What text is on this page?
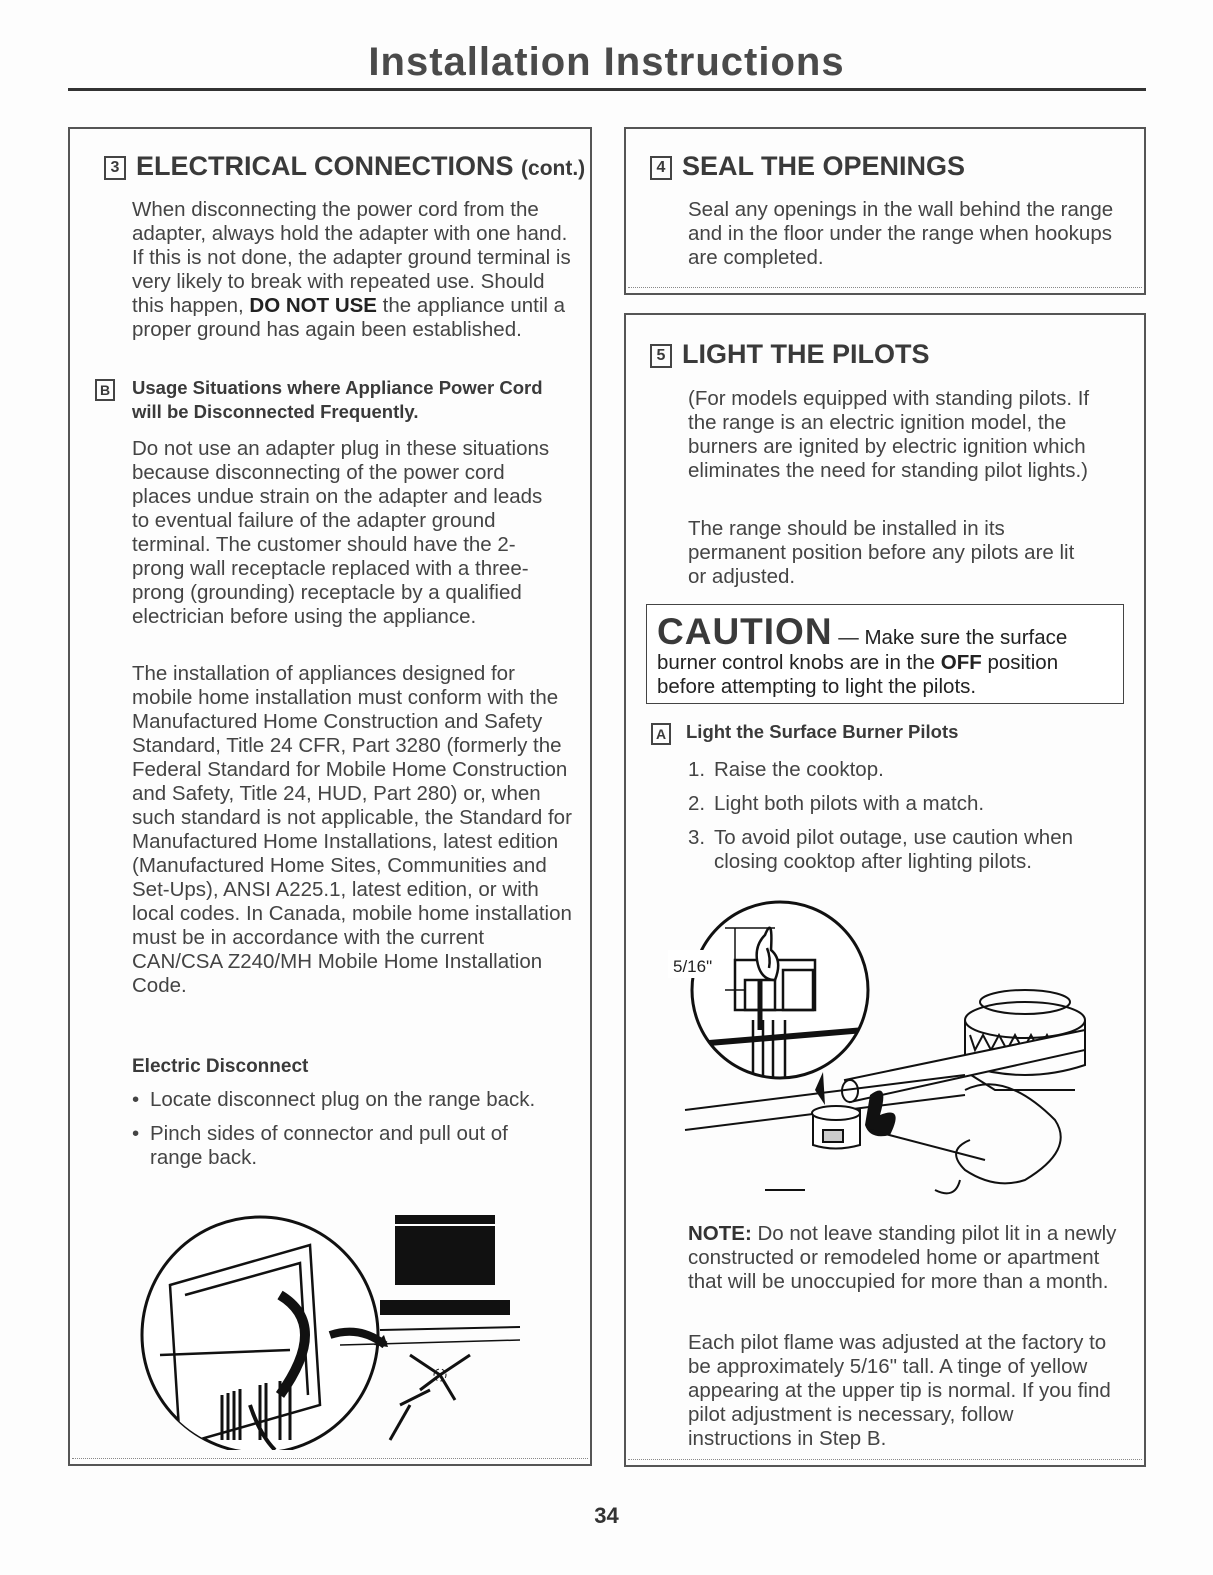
Installation Instructions
3 ELECTRICAL CONNECTIONS (cont.)
When disconnecting the power cord from the adapter, always hold the adapter with one hand. If this is not done, the adapter ground terminal is very likely to break with repeated use. Should this happen, DO NOT USE the appliance until a proper ground has again been established.
B Usage Situations where Appliance Power Cord will be Disconnected Frequently.
Do not use an adapter plug in these situations because disconnecting of the power cord places undue strain on the adapter and leads to eventual failure of the adapter ground terminal. The customer should have the 2-prong wall receptacle replaced with a three-prong (grounding) receptacle by a qualified electrician before using the appliance.
The installation of appliances designed for mobile home installation must conform with the Manufactured Home Construction and Safety Standard, Title 24 CFR, Part 3280 (formerly the Federal Standard for Mobile Home Construction and Safety, Title 24, HUD, Part 280) or, when such standard is not applicable, the Standard for Manufactured Home Installations, latest edition (Manufactured Home Sites, Communities and Set-Ups), ANSI A225.1, latest edition, or with local codes. In Canada, mobile home installation must be in accordance with the current CAN/CSA Z240/MH Mobile Home Installation Code.
Electric Disconnect
• Locate disconnect plug on the range back.
• Pinch sides of connector and pull out of range back.
4 SEAL THE OPENINGS
Seal any openings in the wall behind the range and in the floor under the range when hookups are completed.
5 LIGHT THE PILOTS
(For models equipped with standing pilots. If the range is an electric ignition model, the burners are ignited by electric ignition which eliminates the need for standing pilot lights.)
The range should be installed in its permanent position before any pilots are lit or adjusted.
CAUTION — Make sure the surface burner control knobs are in the OFF position before attempting to light the pilots.
A Light the Surface Burner Pilots
1. Raise the cooktop.
2. Light both pilots with a match.
3. To avoid pilot outage, use caution when closing cooktop after lighting pilots.
5/16"
NOTE: Do not leave standing pilot lit in a newly constructed or remodeled home or apartment that will be unoccupied for more than a month.
Each pilot flame was adjusted at the factory to be approximately 5/16" tall. A tinge of yellow appearing at the upper tip is normal. If you find pilot adjustment is necessary, follow instructions in Step B.
34
